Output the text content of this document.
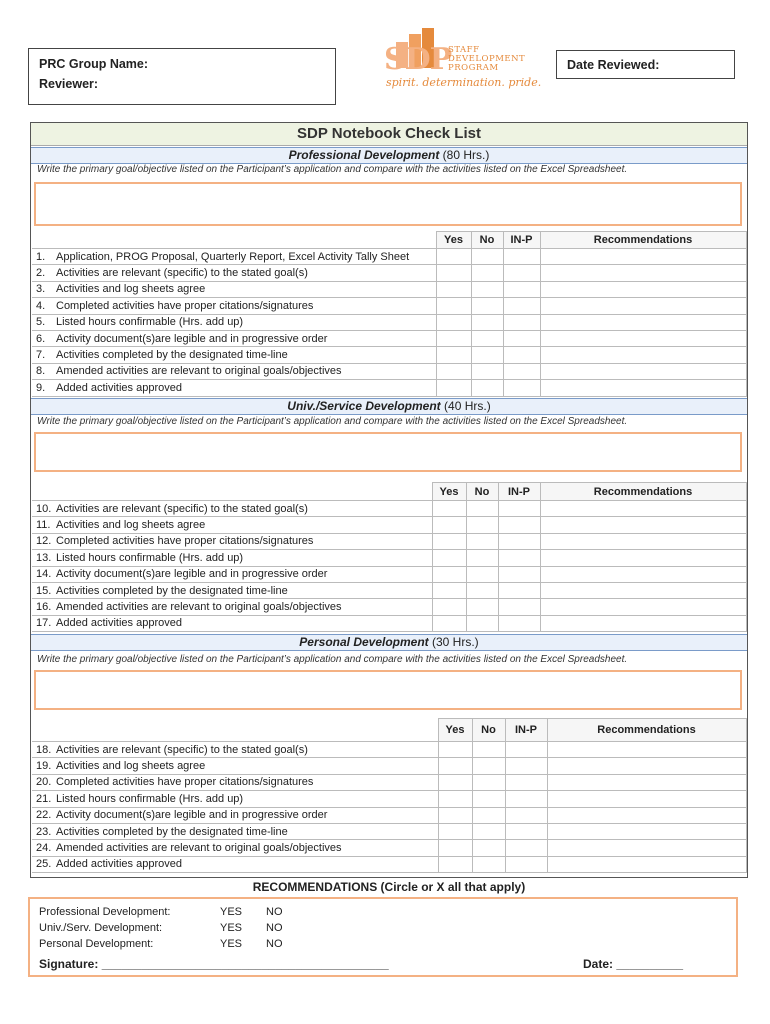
PRC Group Name:
Reviewer:
SDP
STAFF
DEVELOPMENT
PROGRAM
spirit. determination. pride.
Date Reviewed:
SDP Notebook Check List
Professional Development (80 Hrs.)
Write the primary goal/objective listed on the Participant’s application and compare with the activities listed on the Excel Spreadsheet.
	Yes	No	IN-P	Recommendations
1. Application, PROG Proposal, Quarterly Report, Excel Activity Tally Sheet				
2. Activities are relevant (specific) to the stated goal(s)				
3. Activities and log sheets agree				
4. Completed activities have proper citations/signatures				
5. Listed hours confirmable (Hrs. add up)				
6. Activity document(s)are legible and in progressive order				
7. Activities completed by the designated time-line				
8. Amended activities are relevant to original goals/objectives				
9. Added activities approved				
Univ./Service Development (40 Hrs.)
Write the primary goal/objective listed on the Participant’s application and compare with the activities listed on the Excel Spreadsheet.
	Yes	No	IN-P	Recommendations
10. Activities are relevant (specific) to the stated goal(s)				
11. Activities and log sheets agree				
12. Completed activities have proper citations/signatures				
13. Listed hours confirmable (Hrs. add up)				
14. Activity document(s)are legible and in progressive order				
15. Activities completed by the designated time-line				
16. Amended activities are relevant to original goals/objectives				
17. Added activities approved				
Personal Development (30 Hrs.)
Write the primary goal/objective listed on the Participant’s application and compare with the activities listed on the Excel Spreadsheet.
	Yes	No	IN-P	Recommendations
18. Activities are relevant (specific) to the stated goal(s)				
19. Activities and log sheets agree				
20. Completed activities have proper citations/signatures				
21. Listed hours confirmable (Hrs. add up)				
22. Activity document(s)are legible and in progressive order				
23. Activities completed by the designated time-line				
24. Amended activities are relevant to original goals/objectives				
25. Added activities approved				
RECOMMENDATIONS (Circle or X all that apply)
Professional Development:	YES NO
Univ./Serv. Development:	YES NO
Personal Development:	YES NO
Signature: ___________________________________________	Date: __________
